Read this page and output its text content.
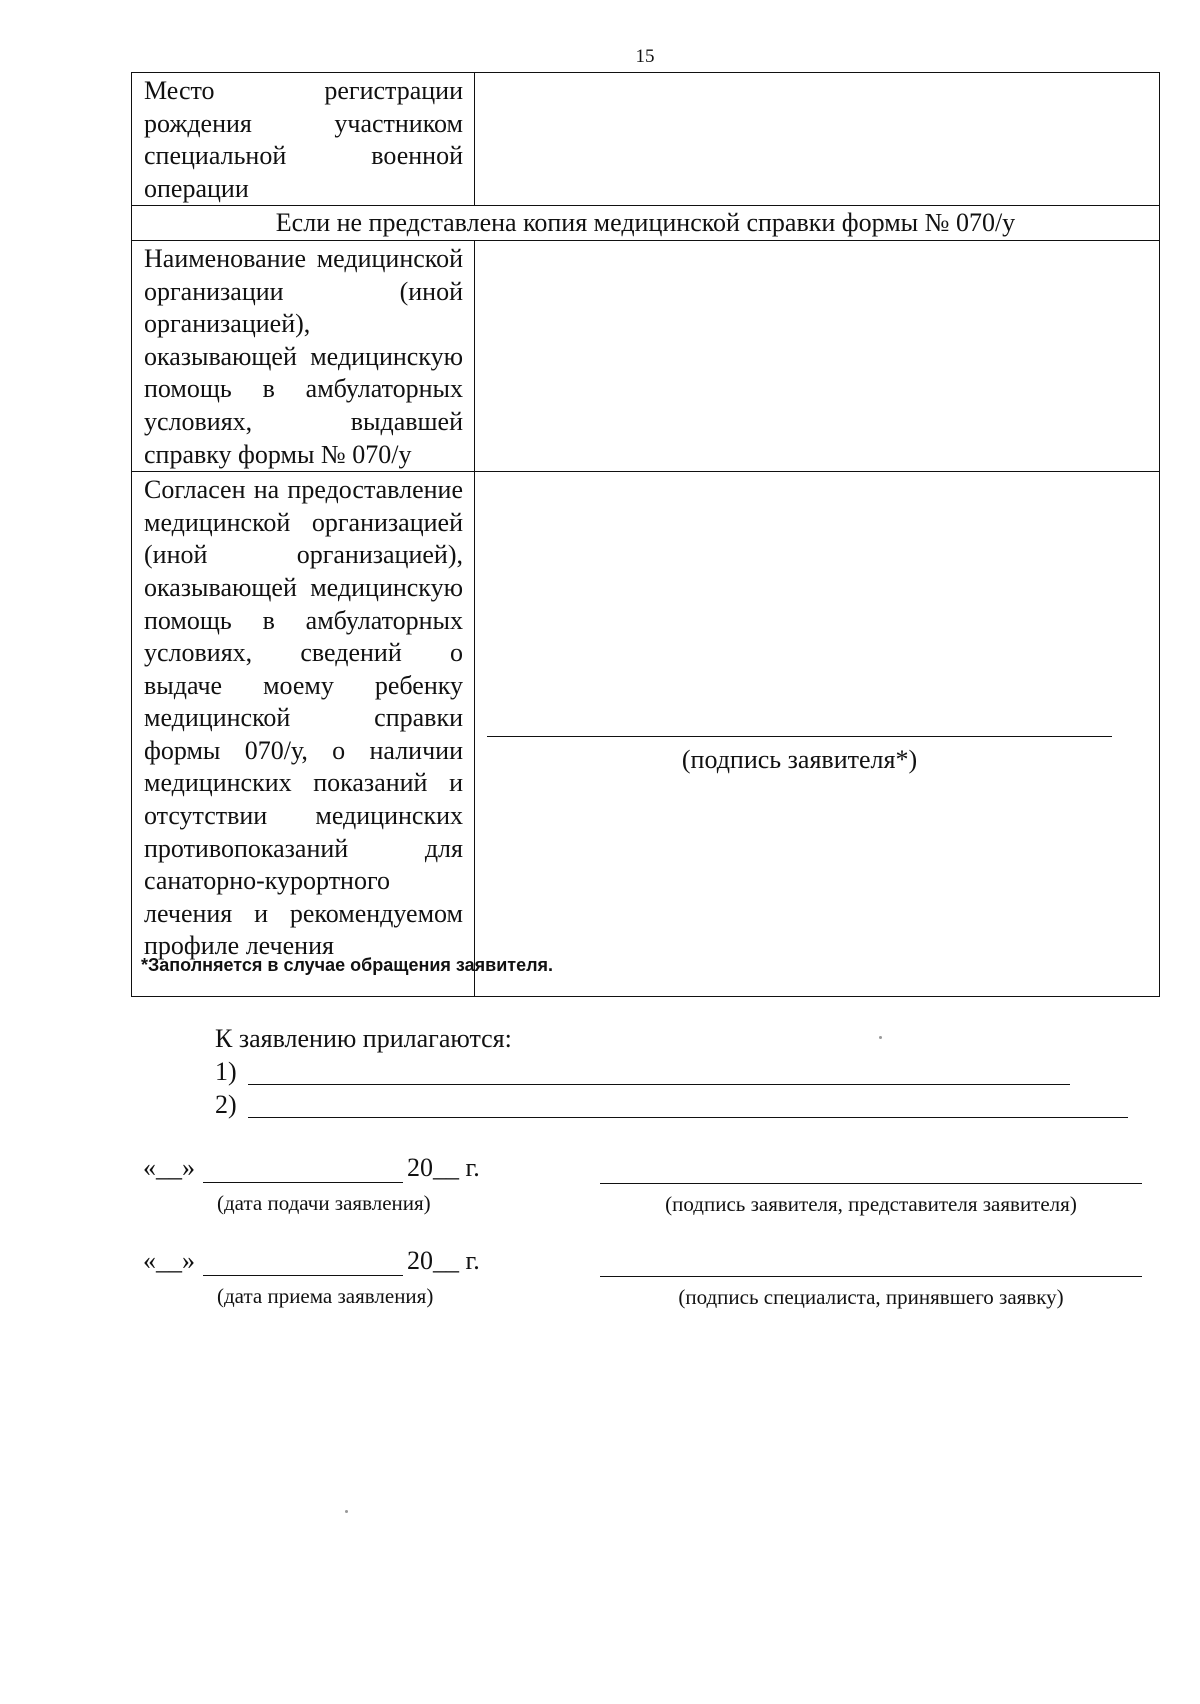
15
Место регистрации рождения участником специальной военной операции	

Если не представлена копия медицинской справки формы № 070/у	

Наименование медицинской организации (иной организацией), оказывающей медицинскую помощь в амбулаторных условиях, выдавшей справку формы № 070/у	

Согласен на предоставление медицинской организацией (иной организацией), оказывающей медицинскую помощь в амбулаторных условиях, сведений о выдаче моему ребенку медицинской справки формы 070/у, о наличии медицинских показаний и отсутствии медицинских противопоказаний для санаторно-курортного лечения и рекомендуемом профиле лечения	(подпись заявителя*)
*Заполняется в случае обращения заявителя.
К заявлению прилагаются:
1)
2)
«__»	20__ г.
(дата подачи заявления)	(подпись заявителя, представителя заявителя)
«__»	20__ г.
(дата приема заявления)	(подпись специалиста, принявшего заявку)
